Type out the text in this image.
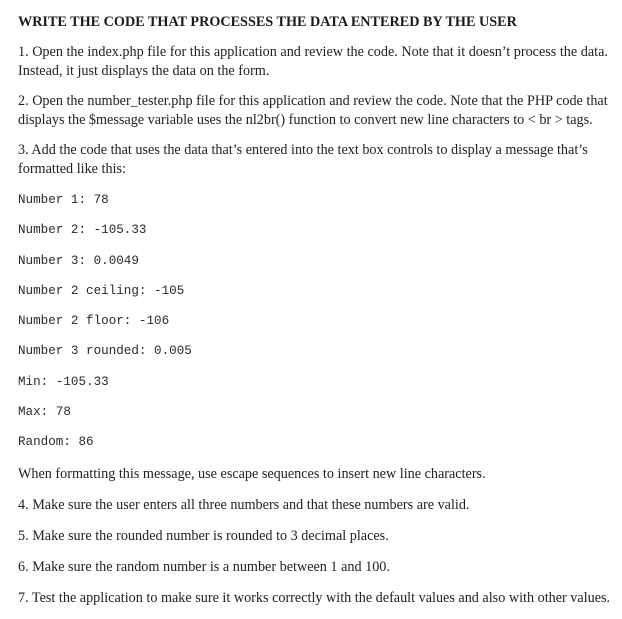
WRITE THE CODE THAT PROCESSES THE DATA ENTERED BY THE USER

1. Open the index.php file for this application and review the code. Note that it doesn’t process the data. Instead, it just displays the data on the form.

2. Open the number_tester.php file for this application and review the code. Note that the PHP code that displays the $message variable uses the nl2br() function to convert new line characters to < br > tags.

3. Add the code that uses the data that’s entered into the text box controls to display a message that’s formatted like this:

Number 1: 78
Number 2: -105.33
Number 3: 0.0049
Number 2 ceiling: -105
Number 2 floor: -106
Number 3 rounded: 0.005
Min: -105.33
Max: 78
Random: 86

When formatting this message, use escape sequences to insert new line characters.

4. Make sure the user enters all three numbers and that these numbers are valid.

5. Make sure the rounded number is rounded to 3 decimal places.

6. Make sure the random number is a number between 1 and 100.

7. Test the application to make sure it works correctly with the default values and also with other values.
